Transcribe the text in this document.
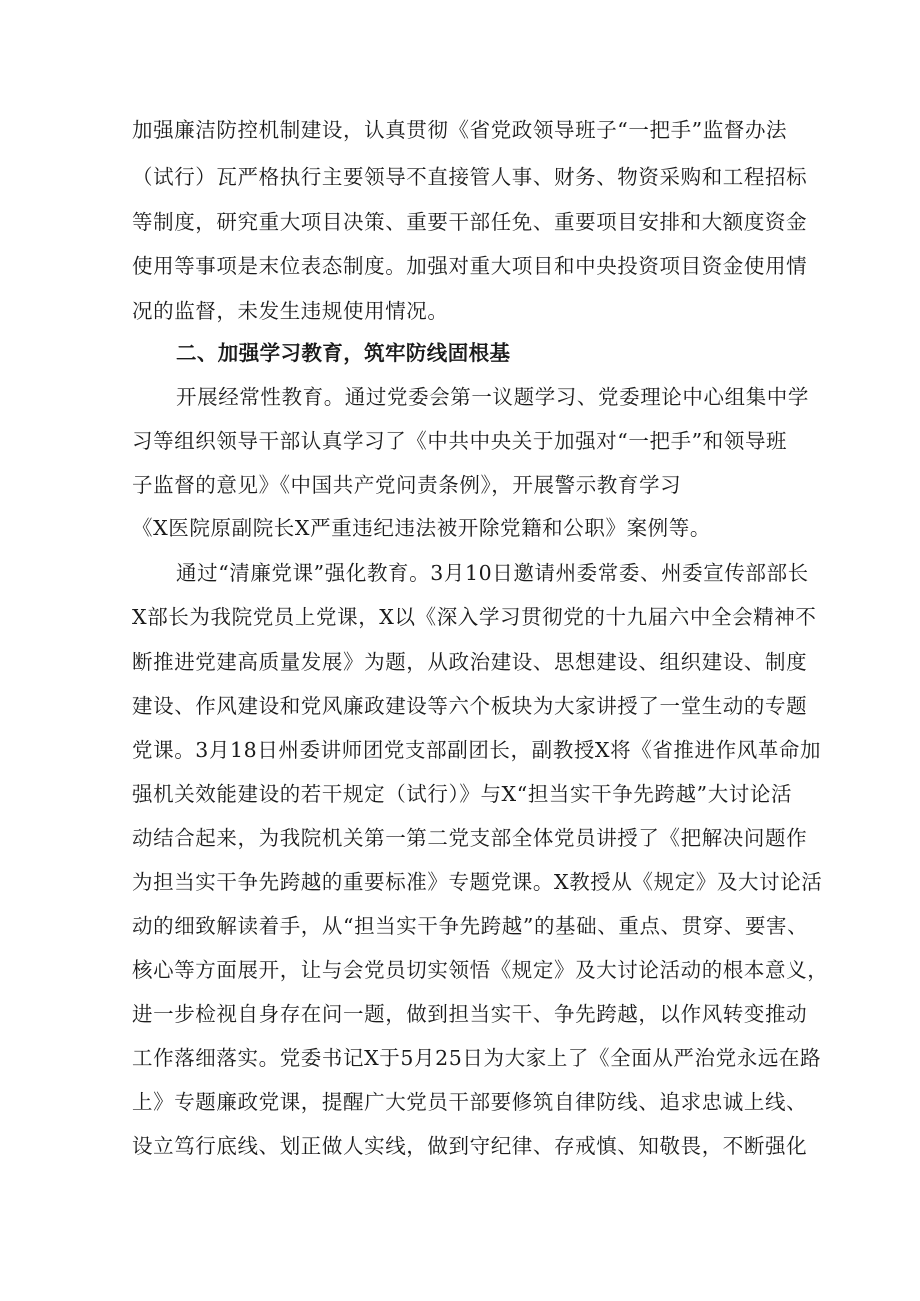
加强廉洁防控机制建设，认真贯彻《省党政领导班子“一把手”监督办法
（试行）瓦严格执行主要领导不直接管人事、财务、物资采购和工程招标
等制度，研究重大项目决策、重要干部任免、重要项目安排和大额度资金
使用等事项是末位表态制度。加强对重大项目和中央投资项目资金使用情
况的监督，未发生违规使用情况。
二、加强学习教育，筑牢防线固根基
开展经常性教育。通过党委会第一议题学习、党委理论中心组集中学
习等组织领导干部认真学习了《中共中央关于加强对“一把手”和领导班
子监督的意见》《中国共产党问责条例》，开展警示教育学习
《X医院原副院长X严重违纪违法被开除党籍和公职》案例等。
通过“清廉党课”强化教育。3月10日邀请州委常委、州委宣传部部长
X部长为我院党员上党课，X以《深入学习贯彻党的十九届六中全会精神不
断推进党建高质量发展》为题，从政治建设、思想建设、组织建设、制度
建设、作风建设和党风廉政建设等六个板块为大家讲授了一堂生动的专题
党课。3月18日州委讲师团党支部副团长，副教授X将《省推进作风革命加
强机关效能建设的若干规定（试行）》与X“担当实干争先跨越”大讨论活
动结合起来，为我院机关第一第二党支部全体党员讲授了《把解决问题作
为担当实干争先跨越的重要标准》专题党课。X教授从《规定》及大讨论活
动的细致解读着手，从“担当实干争先跨越”的基础、重点、贯穿、要害、
核心等方面展开，让与会党员切实领悟《规定》及大讨论活动的根本意义，
进一步检视自身存在问一题，做到担当实干、争先跨越，以作风转变推动
工作落细落实。党委书记X于5月25日为大家上了《全面从严治党永远在路
上》专题廉政党课，提醒广大党员干部要修筑自律防线、追求忠诚上线、
设立笃行底线、划正做人实线，做到守纪律、存戒慎、知敬畏，不断强化
